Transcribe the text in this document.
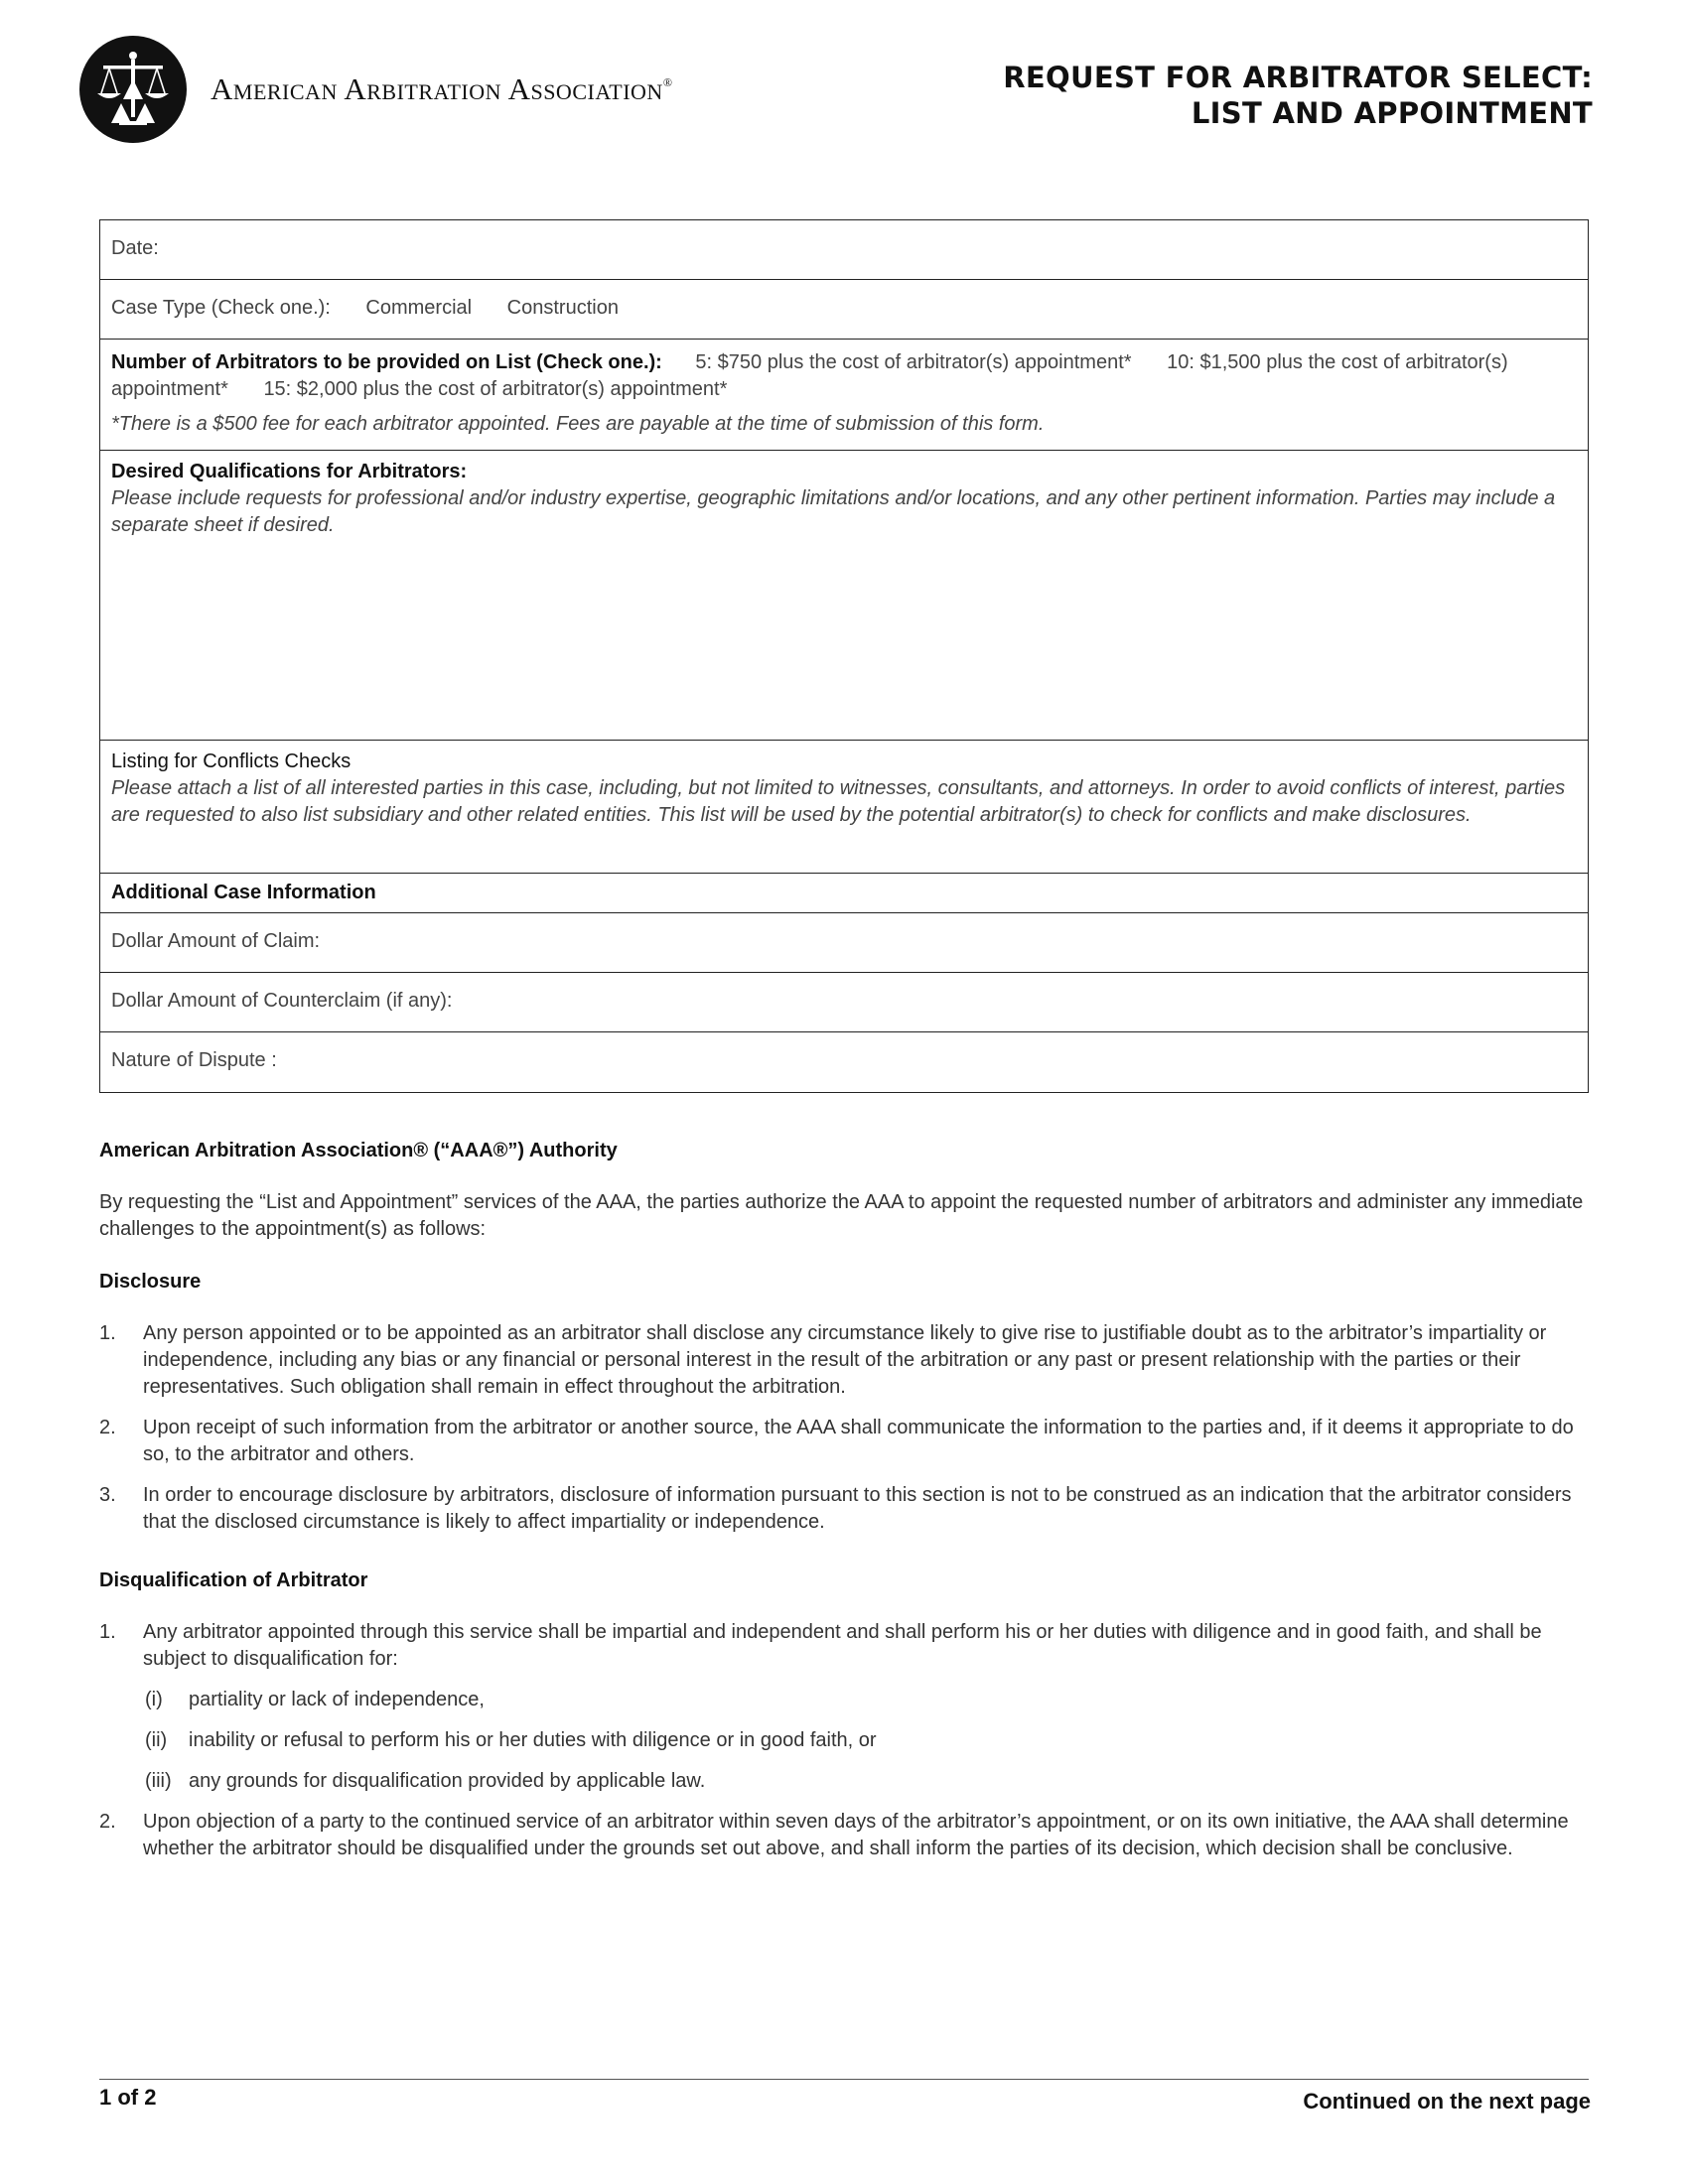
American Arbitration Association®	REQUEST FOR ARBITRATOR SELECT:
LIST AND APPOINTMENT
Date:
Case Type (Check one.): Commercial Construction
Number of Arbitrators to be provided on List (Check one.): 5: $750 plus the cost of arbitrator(s) appointment* 10: $1,500 plus the cost of arbitrator(s) appointment* 15: $2,000 plus the cost of arbitrator(s) appointment*
*There is a $500 fee for each arbitrator appointed. Fees are payable at the time of submission of this form.
Desired Qualifications for Arbitrators:
Please include requests for professional and/or industry expertise, geographic limitations and/or locations, and any other pertinent information. Parties may include a separate sheet if desired.
Listing for Conflicts Checks
Please attach a list of all interested parties in this case, including, but not limited to witnesses, consultants, and attorneys. In order to avoid conflicts of interest, parties are requested to also list subsidiary and other related entities. This list will be used by the potential arbitrator(s) to check for conflicts and make disclosures.
Additional Case Information
Dollar Amount of Claim:
Dollar Amount of Counterclaim (if any):
Nature of Dispute :
American Arbitration Association® (“AAA®”) Authority

By requesting the “List and Appointment” services of the AAA, the parties authorize the AAA to appoint the requested number of arbitrators and administer any immediate challenges to the appointment(s) as follows:

Disclosure

1. Any person appointed or to be appointed as an arbitrator shall disclose any circumstance likely to give rise to justifiable doubt as to the arbitrator’s impartiality or independence, including any bias or any financial or personal interest in the result of the arbitration or any past or present relationship with the parties or their representatives. Such obligation shall remain in effect throughout the arbitration.

2. Upon receipt of such information from the arbitrator or another source, the AAA shall communicate the information to the parties and, if it deems it appropriate to do so, to the arbitrator and others.

3. In order to encourage disclosure by arbitrators, disclosure of information pursuant to this section is not to be construed as an indication that the arbitrator considers that the disclosed circumstance is likely to affect impartiality or independence.

Disqualification of Arbitrator

1. Any arbitrator appointed through this service shall be impartial and independent and shall perform his or her duties with diligence and in good faith, and shall be subject to disqualification for:

(i) partiality or lack of independence,

(ii) inability or refusal to perform his or her duties with diligence or in good faith, or

(iii) any grounds for disqualification provided by applicable law.

2. Upon objection of a party to the continued service of an arbitrator within seven days of the arbitrator’s appointment, or on its own initiative, the AAA shall determine whether the arbitrator should be disqualified under the grounds set out above, and shall inform the parties of its decision, which decision shall be conclusive.

1 of 2	Continued on the next page
